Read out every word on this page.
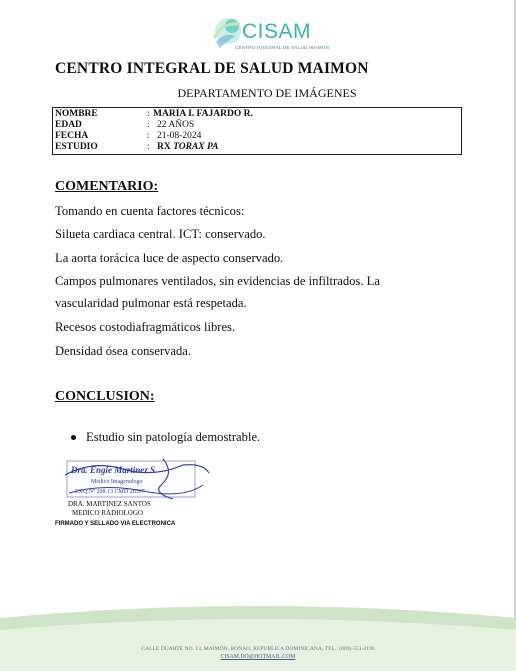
CISAM
CENTRO INTEGRAL DE SALUD MAIMON
CENTRO INTEGRAL DE SALUD MAIMON
DEPARTAMENTO DE IMÁGENES
NOMBRE	: MARIA I. FAJARDO R.
EDAD	: 22 AÑOS
FECHA	: 21-08-2024
ESTUDIO	: RX TORAX PA
COMENTARIO:
Tomando en cuenta factores técnicos:
Silueta cardiaca central. ICT: conservado.
La aorta torácica luce de aspecto conservado.
Campos pulmonares ventilados, sin evidencias de infiltrados. La
vascularidad pulmonar está respetada.
Recesos costodiafragmáticos libres.
Densidad ósea conservada.
CONCLUSION:
Estudio sin patología demostrable.
Dra. Engie Martinez S.
Medico Imagenologo
EXQ Nº 208 13 CMD 28397
DRA. MARTINEZ SANTOS
MEDICO RADIOLOGO
FIRMADO Y SELLADO VIA ELECTRONICA
CALLE DUARTE NO. 13, MAIMÓN, BONAO, REPUBLICA DOMINICANA, TEL.: (809)-551-2196
CISAM.DO@HOTMAIL.COM
